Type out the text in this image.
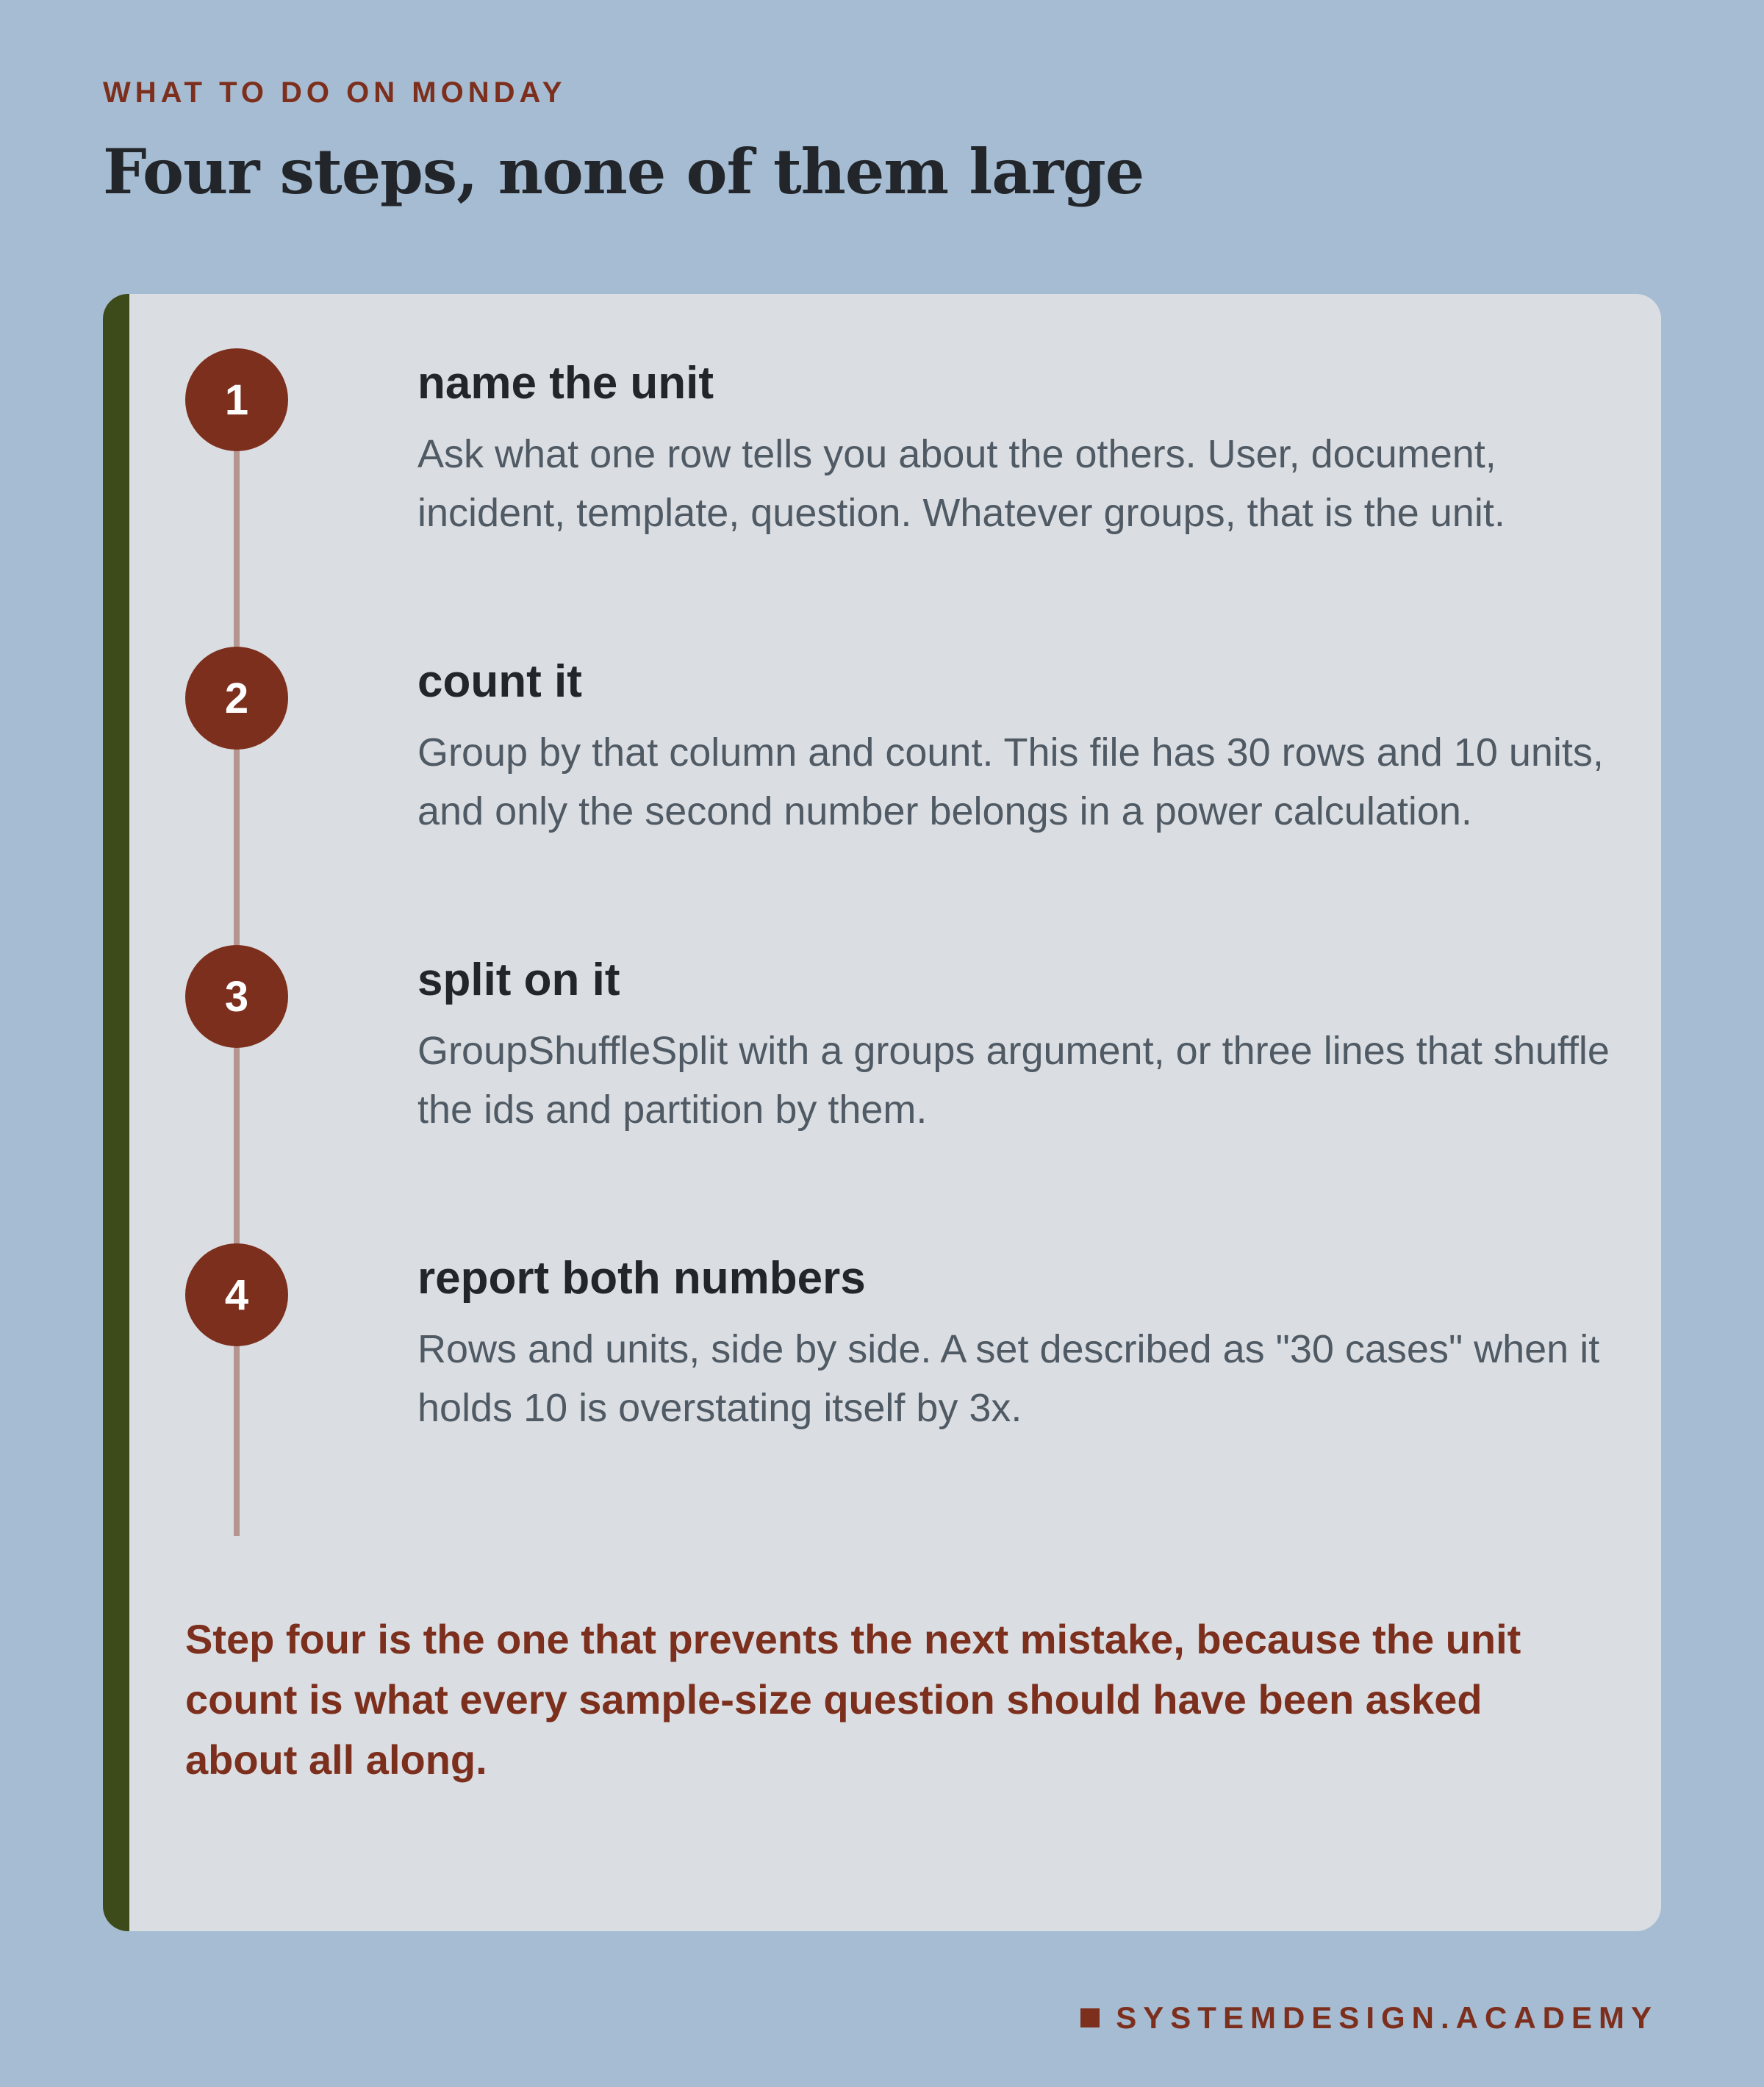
WHAT TO DO ON MONDAY
Four steps, none of them large
1	name the unit
Ask what one row tells you about the others. User, document, incident, template, question. Whatever groups, that is the unit.
2	count it
Group by that column and count. This file has 30 rows and 10 units, and only the second number belongs in a power calculation.
3	split on it
GroupShuffleSplit with a groups argument, or three lines that shuffle the ids and partition by them.
4	report both numbers
Rows and units, side by side. A set described as "30 cases" when it holds 10 is overstating itself by 3x.
Step four is the one that prevents the next mistake, because the unit count is what every sample-size question should have been asked about all along.
SYSTEMDESIGN.ACADEMY
